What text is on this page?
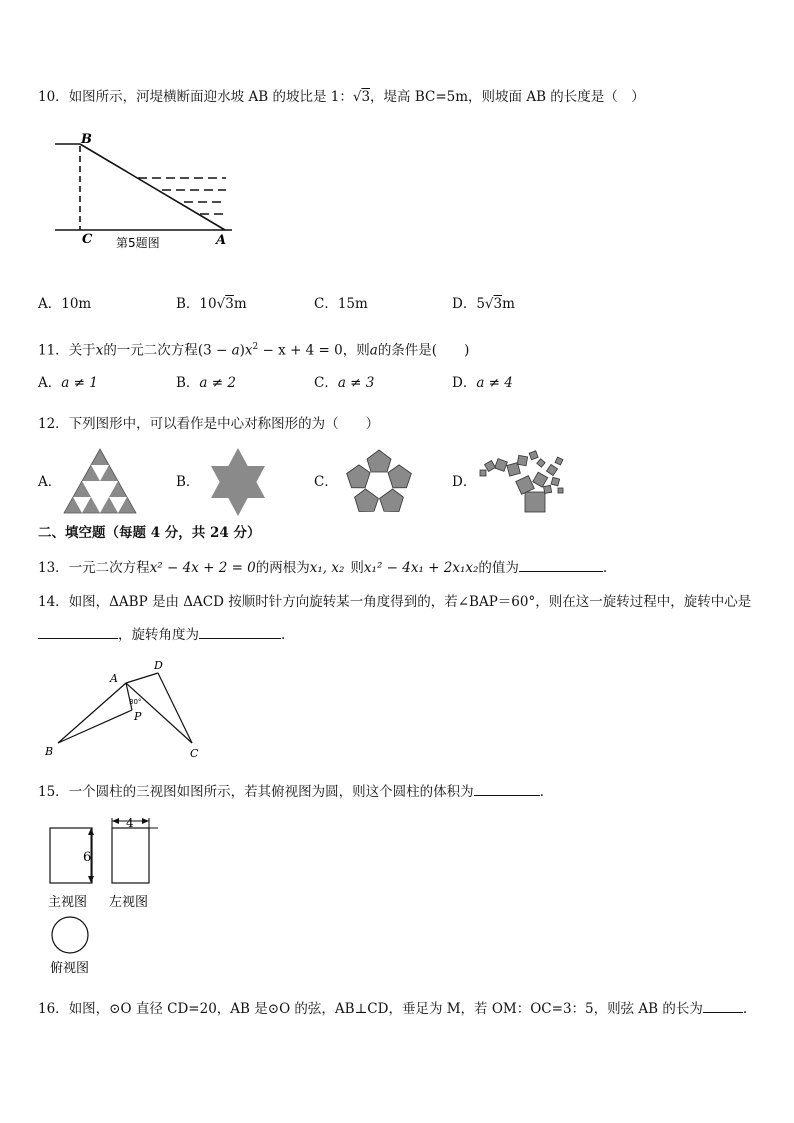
10．如图所示，河堤横断面迎水坡 AB 的坡比是 1：√3，堤高 BC=5m，则坡面 AB 的长度是（　）
B
C	A
第5题图
A．10m	B．10√3m	C．15m	D．5√3m
11．关于x的一元二次方程$(3 - a)x^2 - x + 4 = 0$，则a的条件是(　　)
A．a ≠ 1	B．a ≠ 2	C．a ≠ 3	D．a ≠ 4
12．下列图形中，可以看作是中心对称图形的为（　　）
A．	B．	C．	D．
二、填空题（每题 4 分，共 24 分）
13．一元二次方程x² − 4x + 2 = 0的两根为x₁, x₂ 则x₁² − 4x₁ + 2x₁x₂的值为	.
14．如图，ΔABP 是由 ΔACD 按顺时针方向旋转某一角度得到的，若∠BAP＝60°，则在这一旋转过程中，旋转中心是
，旋转角度为	.
A
D
P
B	C
30°
15．一个圆柱的三视图如图所示，若其俯视图为圆，则这个圆柱的体积为	.
6
4
主视图 左视图
俯视图
16．如图，⊙O 直径 CD=20，AB 是⊙O 的弦，AB⊥CD，垂足为 M，若 OM：OC=3：5，则弦 AB 的长为	.
